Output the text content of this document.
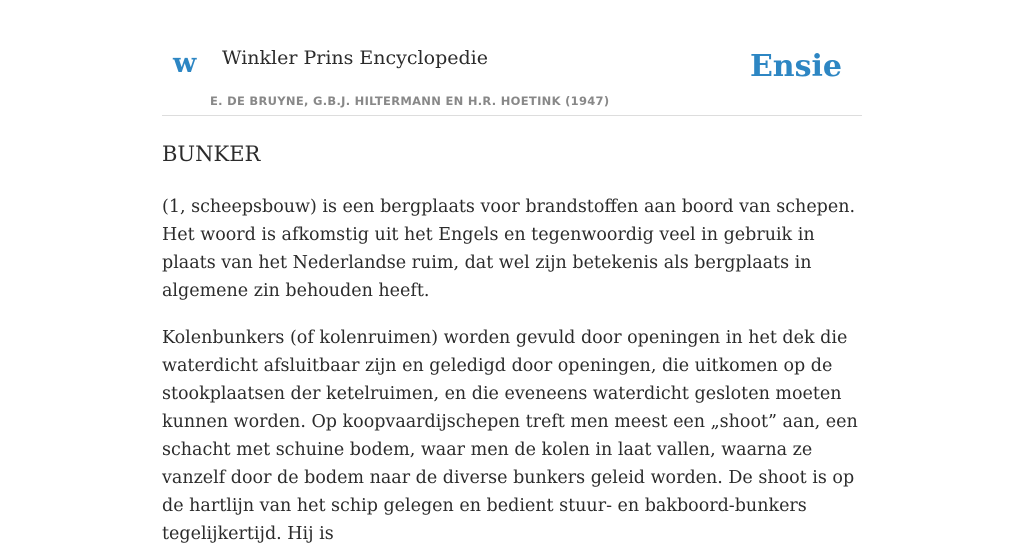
w Winkler Prins Encyclopedie
E. DE BRUYNE, G.B.J. HILTERMANN EN H.R. HOETINK (1947)
Ensie
BUNKER

(1, scheepsbouw) is een bergplaats voor brandstoffen aan boord van schepen. Het woord is afkomstig uit het Engels en tegenwoordig veel in gebruik in plaats van het Nederlandse ruim, dat wel zijn betekenis als bergplaats in algemene zin behouden heeft.

Kolenbunkers (of kolenruimen) worden gevuld door openingen in het dek die waterdicht afsluitbaar zijn en geledigd door openingen, die uitkomen op de stookplaatsen der ketelruimen, en die eveneens waterdicht gesloten moeten kunnen worden. Op koopvaardijschepen treft men meest een „shoot” aan, een schacht met schuine bodem, waar men de kolen in laat vallen, waarna ze vanzelf door de bodem naar de diverse bunkers geleid worden. De shoot is op de hartlijn van het schip gelegen en bedient stuur- en bakboord-bunkers tegelijkertijd. Hij is
